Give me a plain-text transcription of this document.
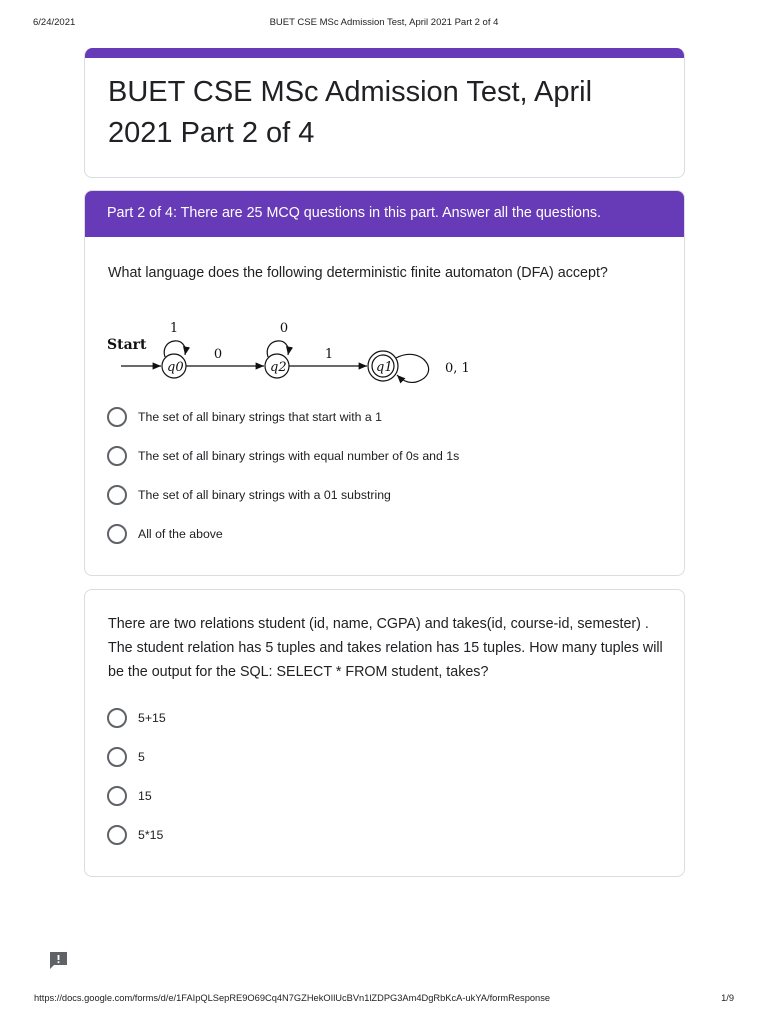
6/24/2021	BUET CSE MSc Admission Test, April 2021 Part 2 of 4
BUET CSE MSc Admission Test, April 2021 Part 2 of 4
Part 2 of 4: There are 25 MCQ questions in this part. Answer all the questions.
What language does the following deterministic finite automaton (DFA) accept?
Start
q0
1
0
q2
0
1
q1	0, 1
The set of all binary strings that start with a 1
The set of all binary strings with equal number of 0s and 1s
The set of all binary strings with a 01 substring
All of the above
There are two relations student (id, name, CGPA) and takes(id, course-id, semester) . The student relation has 5 tuples and takes relation has 15 tuples. How many tuples will be the output for the SQL: SELECT * FROM student, takes?
5+15
5
15
5*15
https://docs.google.com/forms/d/e/1FAIpQLSepRE9O69Cq4N7GZHekOIlUcBVn1lZDPG3Am4DgRbKcA-ukYA/formResponse	1/9
